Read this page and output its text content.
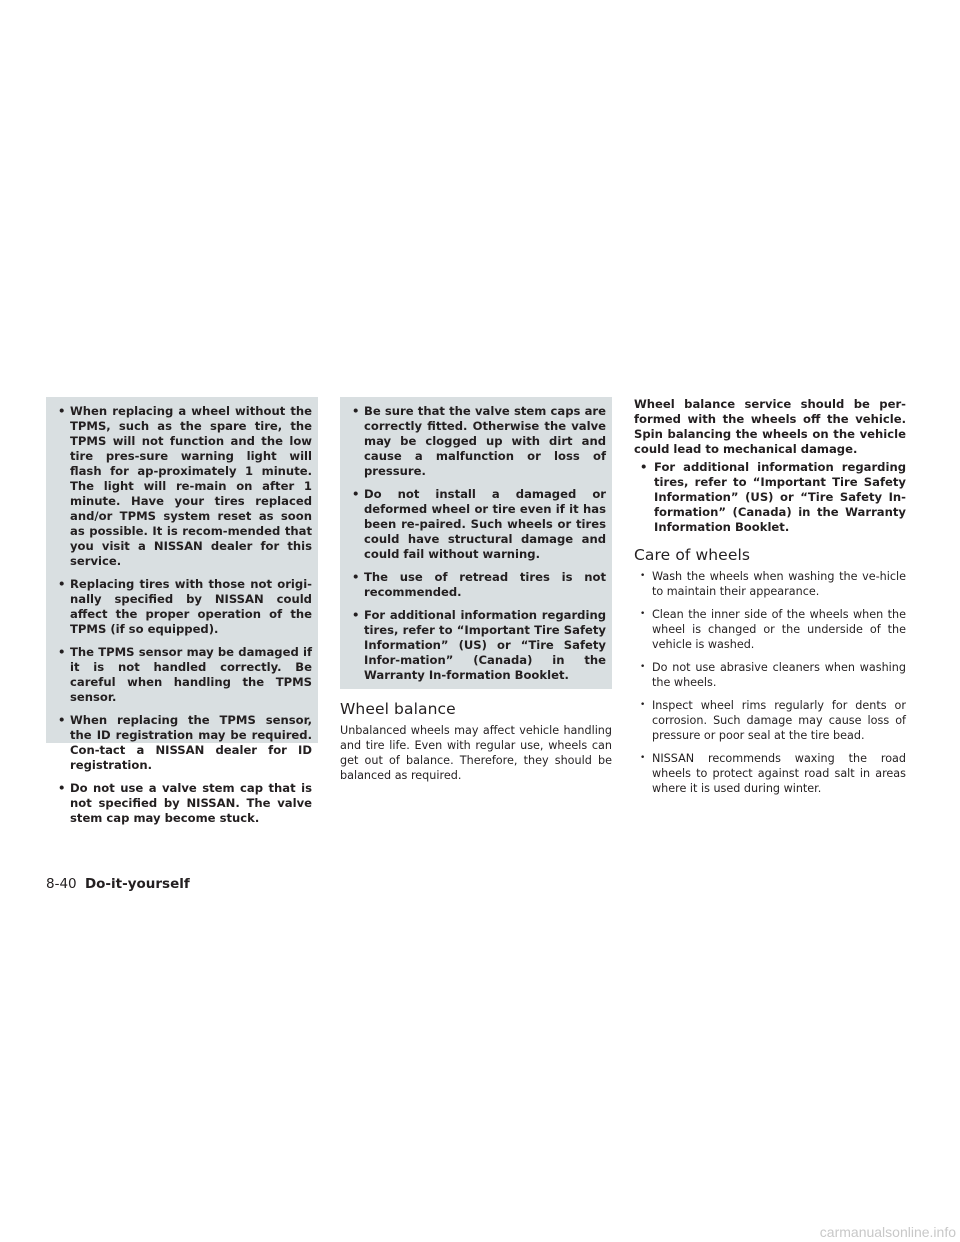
• When replacing a wheel without the TPMS, such as the spare tire, the TPMS will not function and the low tire pres-sure warning light will flash for ap-proximately 1 minute. The light will re-main on after 1 minute. Have your tires replaced and/or TPMS system reset as soon as possible. It is recom-mended that you visit a NISSAN dealer for this service.
• Replacing tires with those not origi-nally specified by NISSAN could affect the proper operation of the TPMS (if so equipped).
• The TPMS sensor may be damaged if it is not handled correctly. Be careful when handling the TPMS sensor.
• When replacing the TPMS sensor, the ID registration may be required. Con-tact a NISSAN dealer for ID registration.
• Do not use a valve stem cap that is not specified by NISSAN. The valve stem cap may become stuck.
• Be sure that the valve stem caps are correctly fitted. Otherwise the valve may be clogged up with dirt and cause a malfunction or loss of pressure.
• Do not install a damaged or deformed wheel or tire even if it has been re-paired. Such wheels or tires could have structural damage and could fail without warning.
• The use of retread tires is not recommended.
• For additional information regarding tires, refer to “Important Tire Safety Information” (US) or “Tire Safety Infor-mation” (Canada) in the Warranty In-formation Booklet.
Wheel balance

Unbalanced wheels may affect vehicle handling and tire life. Even with regular use, wheels can get out of balance. Therefore, they should be balanced as required.

Wheel balance service should be per-formed with the wheels off the vehicle. Spin balancing the wheels on the vehicle could lead to mechanical damage.

• For additional information regarding tires, refer to “Important Tire Safety Information” (US) or “Tire Safety In-formation” (Canada) in the Warranty Information Booklet.
Care of wheels
• Wash the wheels when washing the ve-hicle to maintain their appearance.
• Clean the inner side of the wheels when the wheel is changed or the underside of the vehicle is washed.
• Do not use abrasive cleaners when washing the wheels.
• Inspect wheel rims regularly for dents or corrosion. Such damage may cause loss of pressure or poor seal at the tire bead.
• NISSAN recommends waxing the road wheels to protect against road salt in areas where it is used during winter.
8-40 Do-it-yourself
carmanualsonline.info
